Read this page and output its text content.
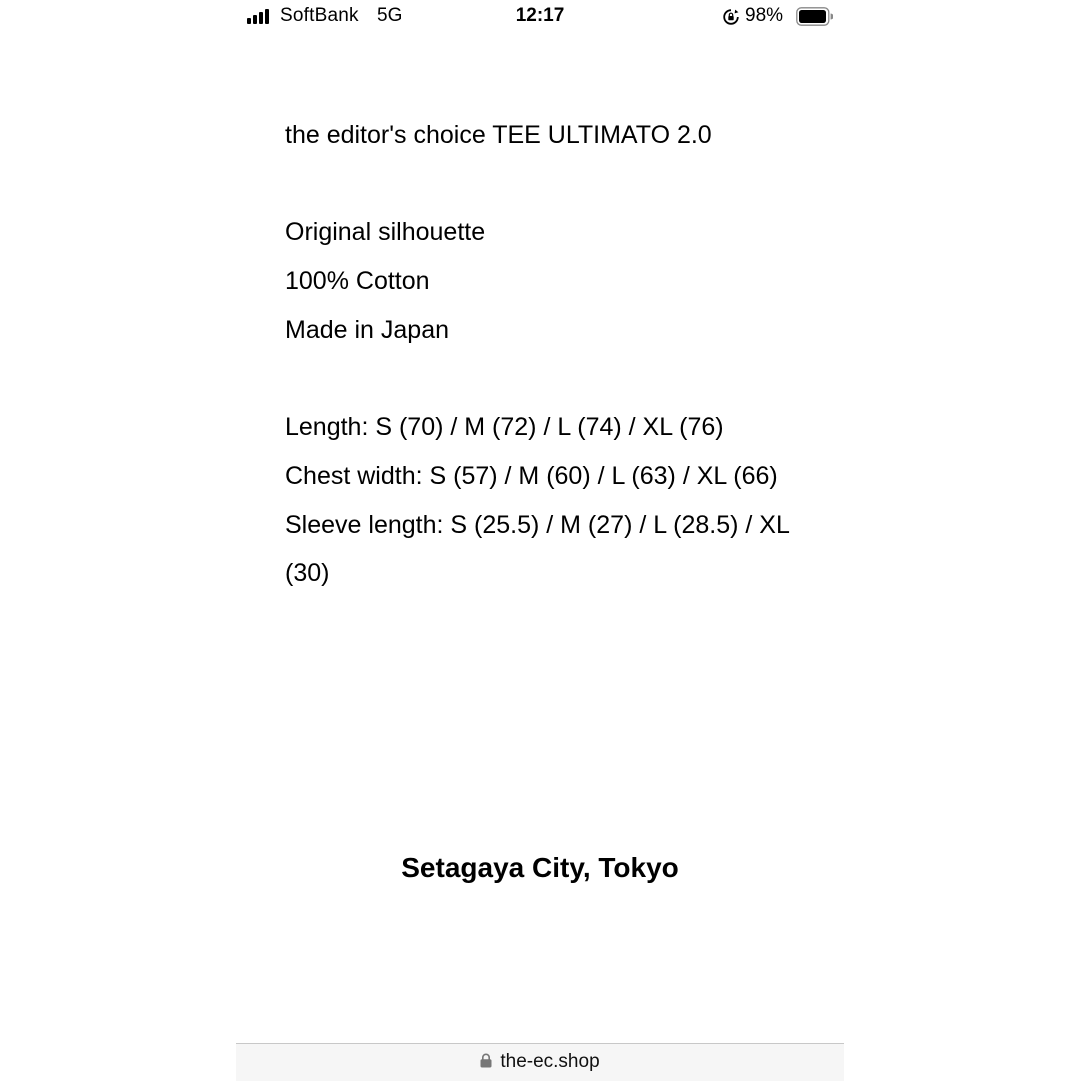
SoftBank 5G	12:17	98%

the editor's choice TEE ULTIMATO 2.0

Original silhouette

100% Cotton

Made in Japan

Length: S (70) / M (72) / L (74) / XL (76)

Chest width: S (57) / M (60) / L (63) / XL (66)

Sleeve length: S (25.5) / M (27) / L (28.5) / XL (30)

Setagaya City, Tokyo
the-ec.shop
